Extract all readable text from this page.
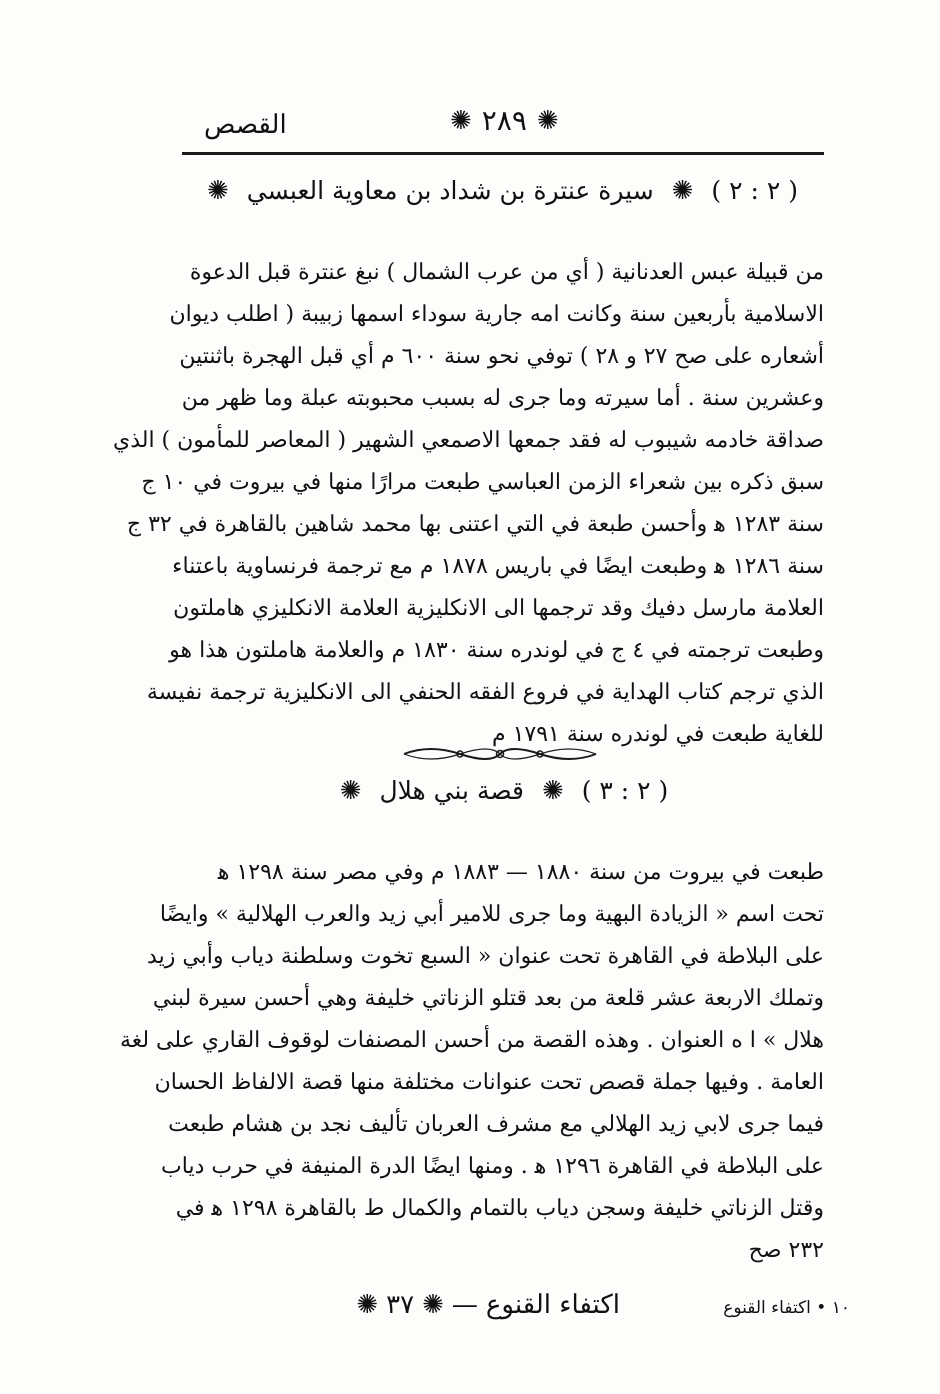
القصص	✺
٢٨٩
✺
( ٢ : ٢ ) ✺ سيرة عنترة بن شداد بن معاوية العبسي ✺
من قبيلة عبس العدنانية ( أي من عرب الشمال ) نبغ عنترة قبل الدعوة
الاسلامية بأربعين سنة وكانت امه جارية سوداء اسمها زبيبة ( اطلب ديوان
أشعاره على صح ٢٧ و ٢٨ ) توفي نحو سنة ٦٠٠ م أي قبل الهجرة باثنتين
وعشرين سنة . أما سيرته وما جرى له بسبب محبوبته عبلة وما ظهر من
صداقة خادمه شيبوب له فقد جمعها الاصمعي الشهير ( المعاصر للمأمون ) الذي
سبق ذكره بين شعراء الزمن العباسي طبعت مرارًا منها في بيروت في ١٠ ج
سنة ١٢٨٣ ﻫ وأحسن طبعة في التي اعتنى بها محمد شاهين بالقاهرة في ٣٢ ج
سنة ١٢٨٦ ﻫ وطبعت ايضًا في باريس ١٨٧٨ م مع ترجمة فرنساوية باعتناء
العلامة مارسل دفيك وقد ترجمها الى الانكليزية العلامة الانكليزي هاملتون
وطبعت ترجمته في ٤ ج في لوندره سنة ١٨٣٠ م والعلامة هاملتون هذا هو
الذي ترجم كتاب الهداية في فروع الفقه الحنفي الى الانكليزية ترجمة نفيسة
للغاية طبعت في لوندره سنة ١٧٩١ م
( ٢ : ٣ ) ✺ قصة بني هلال ✺
طبعت في بيروت من سنة ١٨٨٠ — ١٨٨٣ م وفي مصر سنة ١٢٩٨ ﻫ
تحت اسم « الزيادة البهية وما جرى للامير أبي زيد والعرب الهلالية » وايضًا
على البلاطة في القاهرة تحت عنوان « السبع تخوت وسلطنة دياب وأبي زيد
وتملك الاربعة عشر قلعة من بعد قتلو الزناتي خليفة وهي أحسن سيرة لبني
هلال » ا ه العنوان . وهذه القصة من أحسن المصنفات لوقوف القاري على لغة
العامة . وفيها جملة قصص تحت عنوانات مختلفة منها قصة الالفاظ الحسان
فيما جرى لابي زيد الهلالي مع مشرف العربان تأليف نجد بن هشام طبعت
على البلاطة في القاهرة ١٢٩٦ ﻫ . ومنها ايضًا الدرة المنيفة في حرب دياب
وقتل الزناتي خليفة وسجن دياب بالتمام والكمال ط بالقاهرة ١٢٩٨ ﻫ في
٢٣٢ صح
اكتفاء القنوع
—
✺
٣٧
✺	١٠ • اكتفاء القنوع
